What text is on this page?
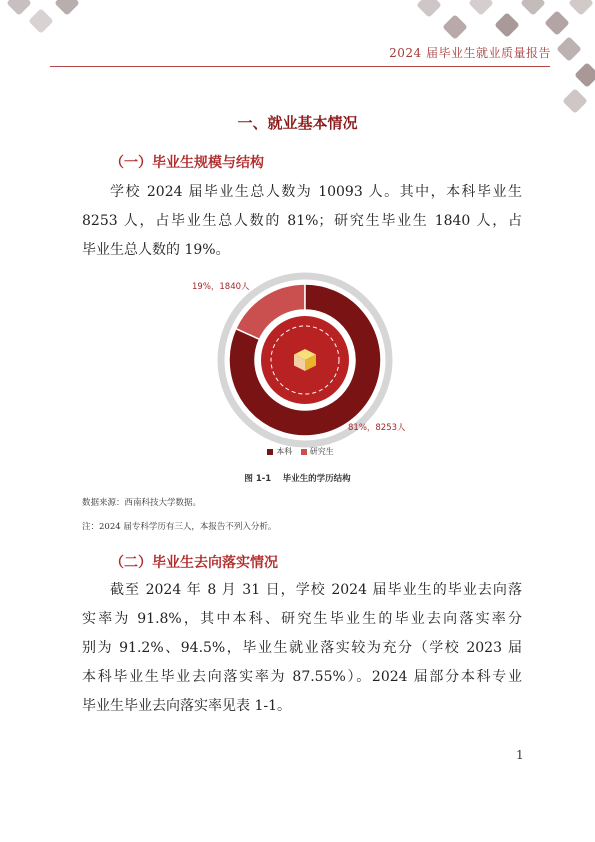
2024 届毕业生就业质量报告
一、就业基本情况
（一）毕业生规模与结构
学校 2024 届毕业生总人数为 10093 人。其中，本科毕业生
8253 人，占毕业生总人数的 81%；研究生毕业生 1840 人，占
毕业生总人数的 19%。
19%，1840人
81%，8253人
本科 研究生
图 1-1　 毕业生的学历结构
数据来源：西南科技大学数据。
注：2024 届专科学历有三人，本报告不列入分析。
（二）毕业生去向落实情况
截至 2024 年 8 月 31 日，学校 2024 届毕业生的毕业去向落
实率为 91.8%，其中本科、研究生毕业生的毕业去向落实率分
别为 91.2%、94.5%，毕业生就业落实较为充分（学校 2023 届
本科毕业生毕业去向落实率为 87.55%）。2024 届部分本科专业
毕业生毕业去向落实率见表 1-1。
1
